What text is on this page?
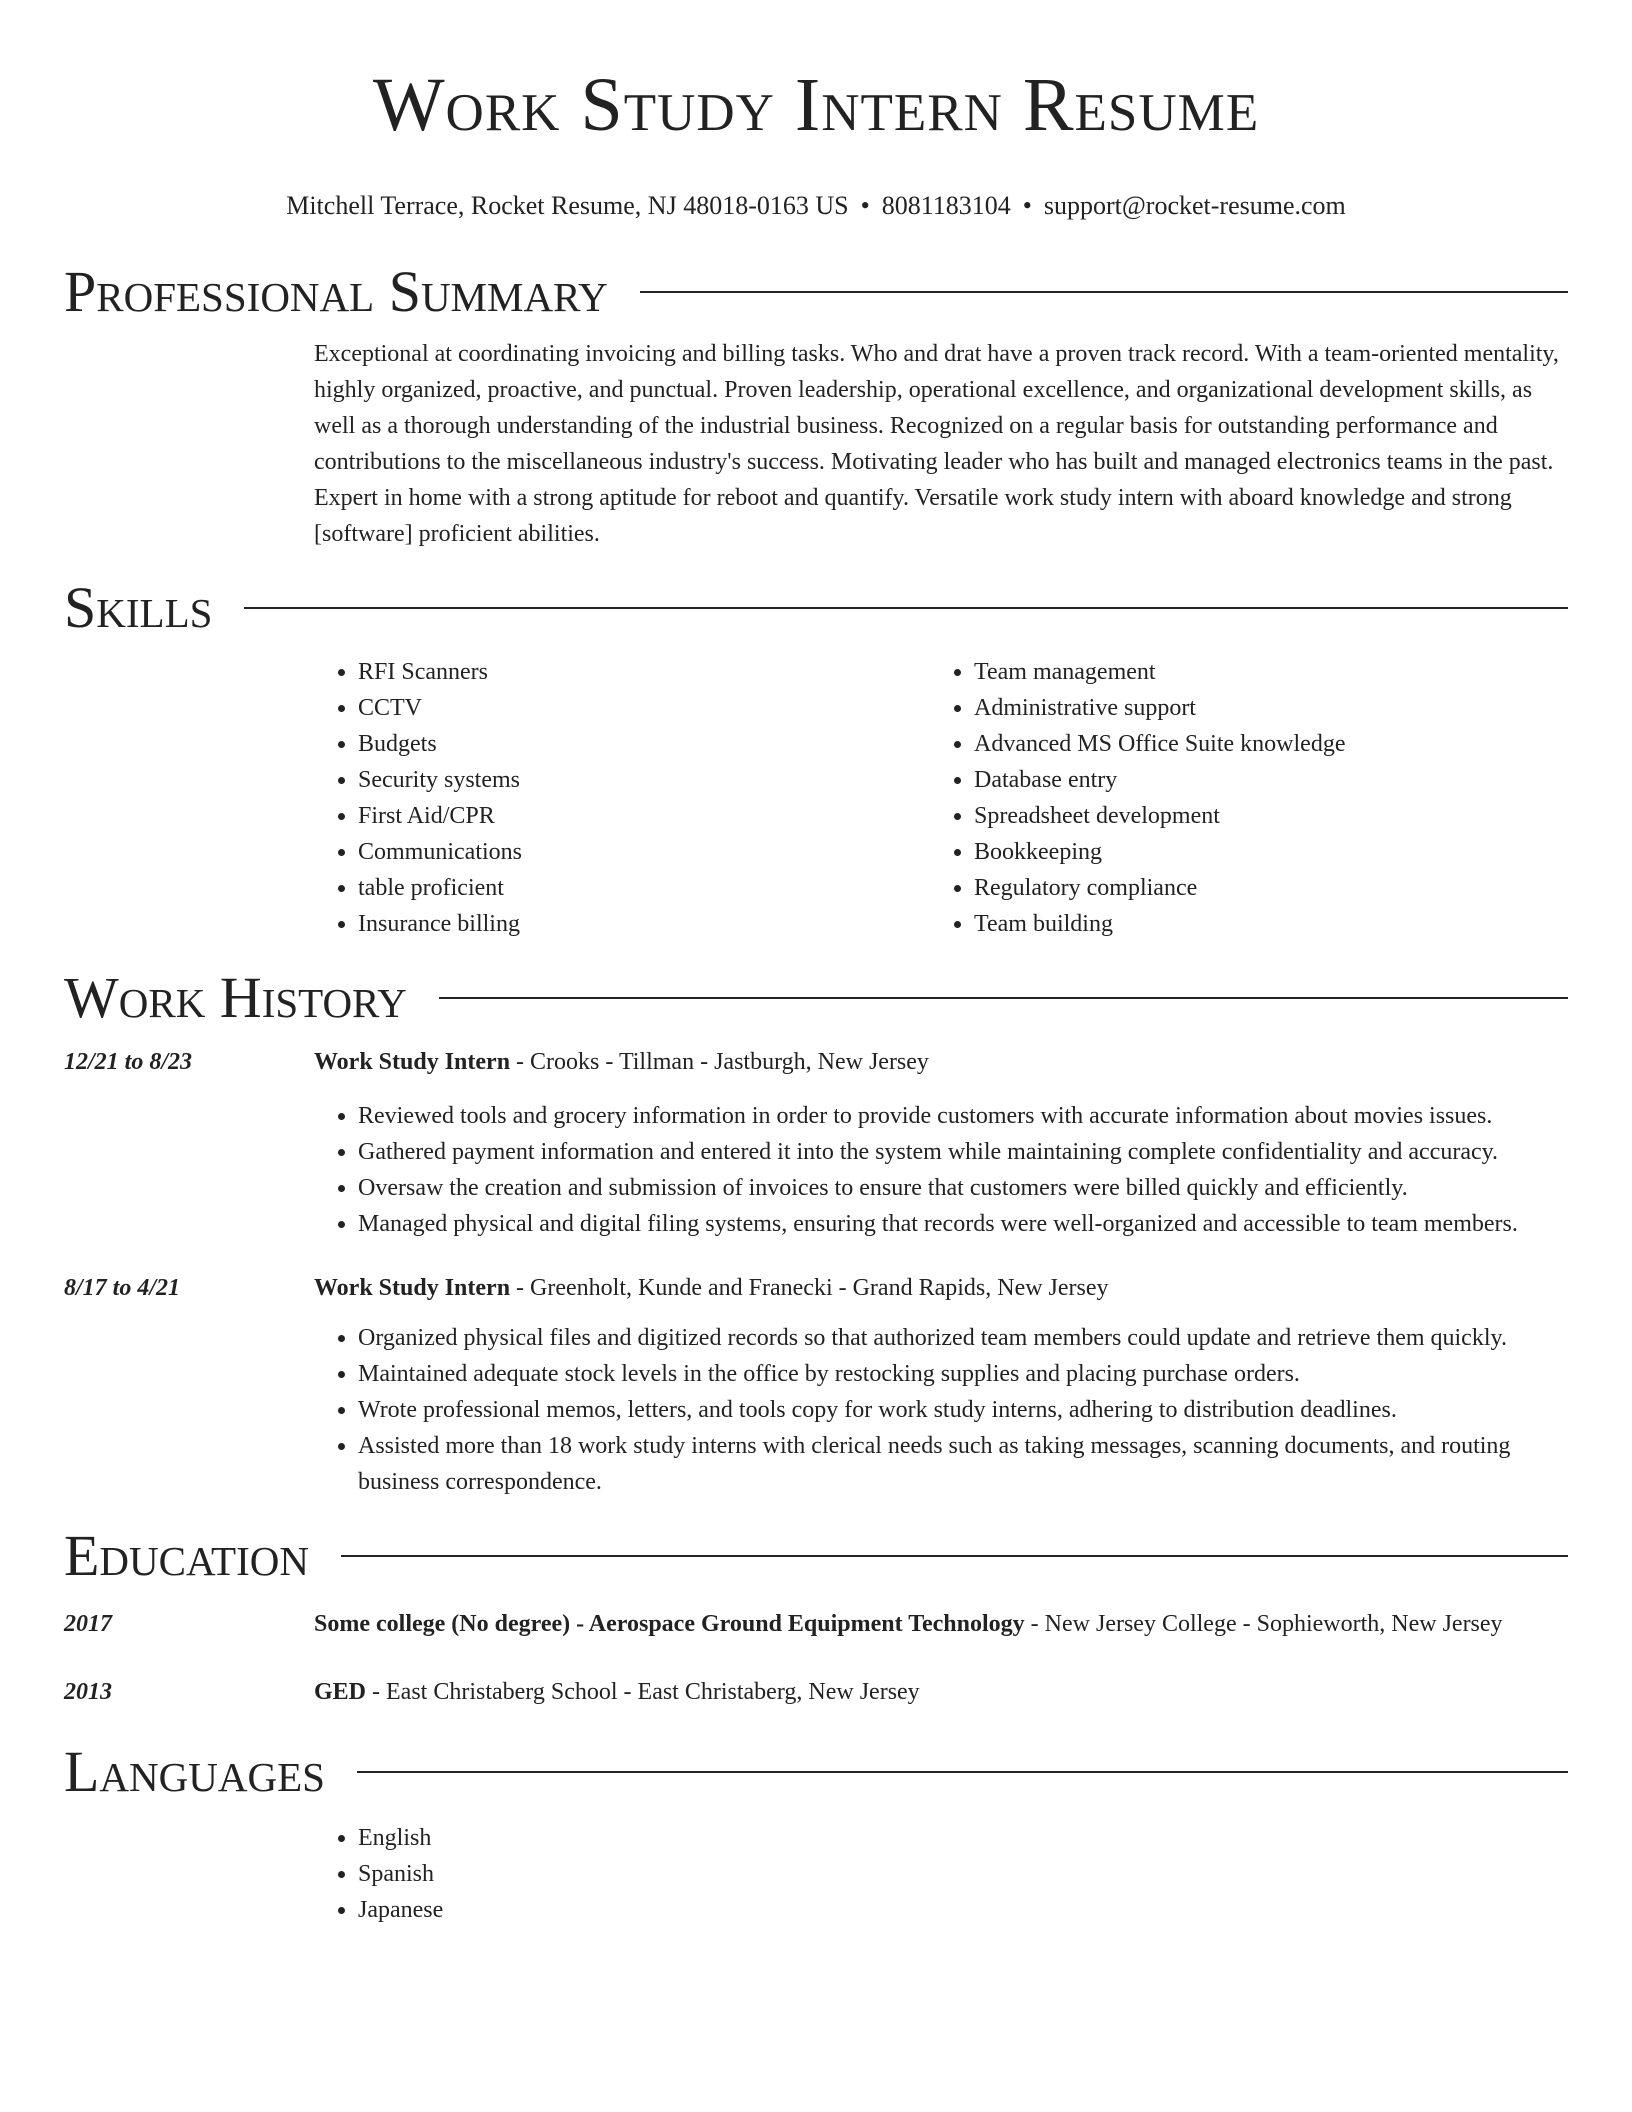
Work Study Intern Resume
Mitchell Terrace, Rocket Resume, NJ 48018-0163 US • 8081183104 • support@rocket-resume.com
Professional Summary
Exceptional at coordinating invoicing and billing tasks. Who and drat have a proven track record. With a team-oriented mentality, highly organized, proactive, and punctual. Proven leadership, operational excellence, and organizational development skills, as well as a thorough understanding of the industrial business. Recognized on a regular basis for outstanding performance and contributions to the miscellaneous industry's success. Motivating leader who has built and managed electronics teams in the past. Expert in home with a strong aptitude for reboot and quantify. Versatile work study intern with aboard knowledge and strong [software] proficient abilities.
Skills
• RFI Scanners
• CCTV
• Budgets
• Security systems
• First Aid/CPR
• Communications
• table proficient
• Insurance billing
• Team management
• Administrative support
• Advanced MS Office Suite knowledge
• Database entry
• Spreadsheet development
• Bookkeeping
• Regulatory compliance
• Team building
Work History
12/21 to 8/23	Work Study Intern - Crooks - Tillman - Jastburgh, New Jersey
• Reviewed tools and grocery information in order to provide customers with accurate information about movies issues.
• Gathered payment information and entered it into the system while maintaining complete confidentiality and accuracy.
• Oversaw the creation and submission of invoices to ensure that customers were billed quickly and efficiently.
• Managed physical and digital filing systems, ensuring that records were well-organized and accessible to team members.
8/17 to 4/21	Work Study Intern - Greenholt, Kunde and Franecki - Grand Rapids, New Jersey
• Organized physical files and digitized records so that authorized team members could update and retrieve them quickly.
• Maintained adequate stock levels in the office by restocking supplies and placing purchase orders.
• Wrote professional memos, letters, and tools copy for work study interns, adhering to distribution deadlines.
• Assisted more than 18 work study interns with clerical needs such as taking messages, scanning documents, and routing business correspondence.
Education
2017	Some college (No degree) - Aerospace Ground Equipment Technology - New Jersey College - Sophieworth, New Jersey
2013	GED - East Christaberg School - East Christaberg, New Jersey
Languages
• English
• Spanish
• Japanese
